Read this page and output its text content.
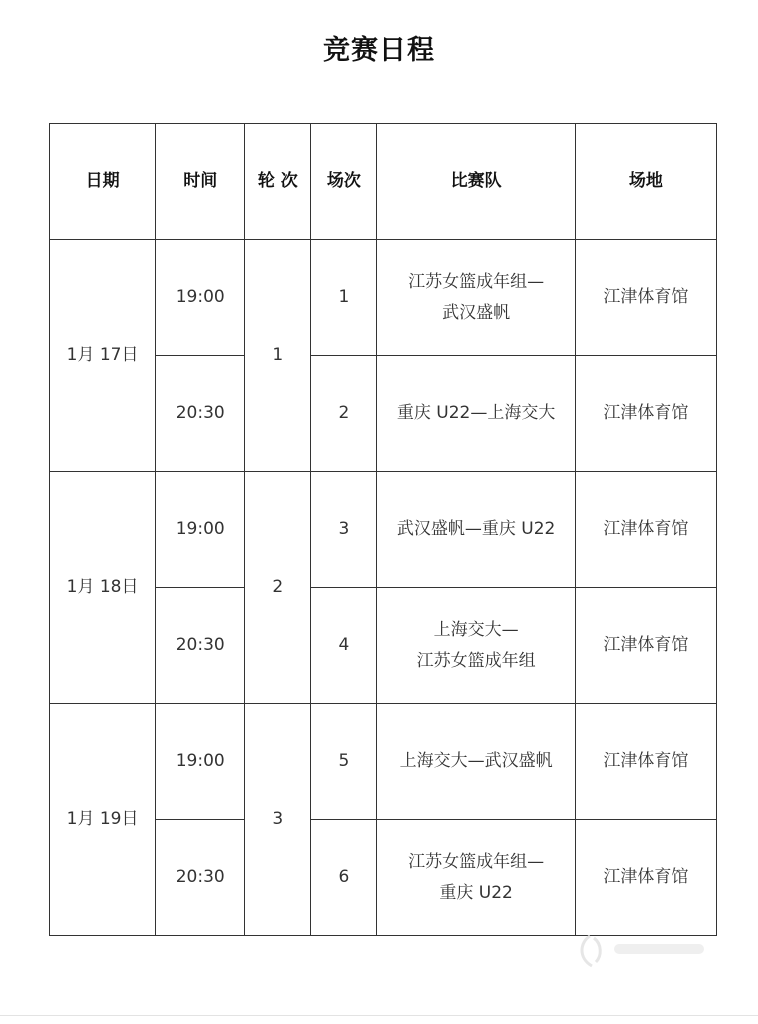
竞赛日程
日期	时间	轮 次	场次	比赛队	场地
1月 17日	19:00	1	1	江苏女篮成年组—
武汉盛帆	江津体育馆
	20:30		2	重庆 U22—上海交大	江津体育馆
1月 18日	19:00	2	3	武汉盛帆—重庆 U22	江津体育馆
	20:30		4	上海交大—
江苏女篮成年组	江津体育馆
1月 19日	19:00	3	5	上海交大—武汉盛帆	江津体育馆
	20:30		6	江苏女篮成年组—
重庆 U22	江津体育馆
